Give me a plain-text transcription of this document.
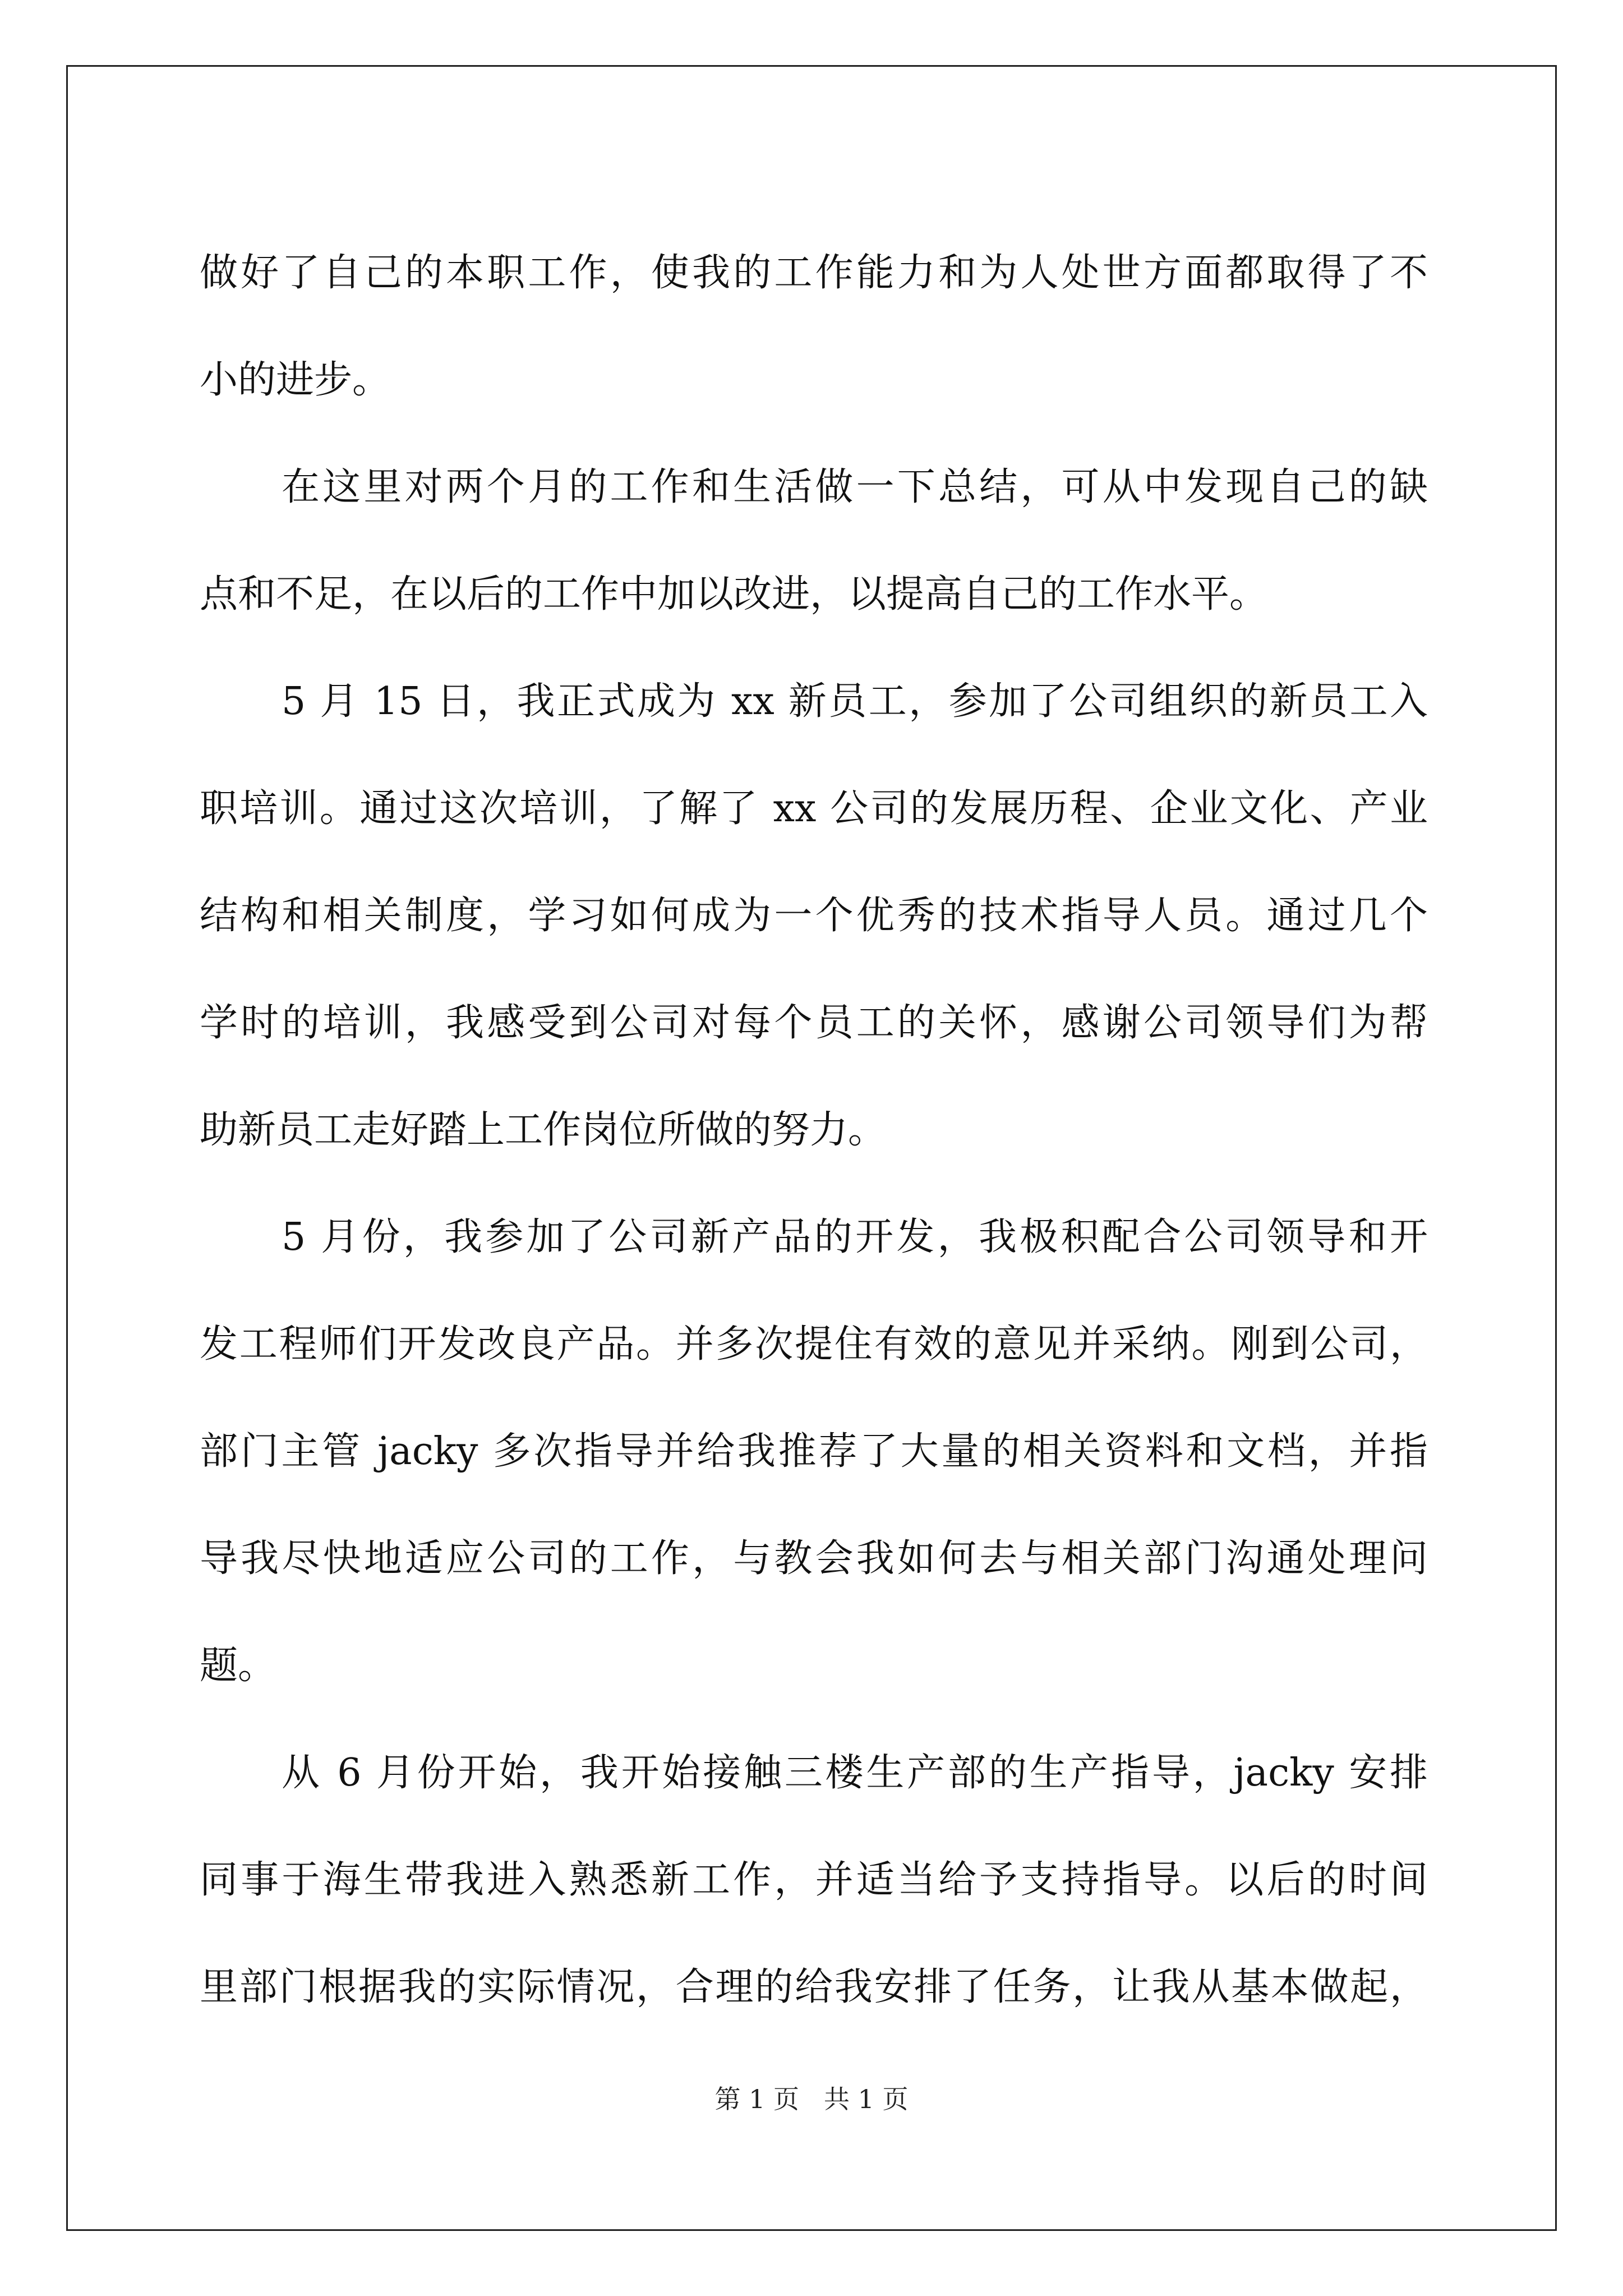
做好了自己的本职工作，使我的工作能力和为人处世方面都取得了不
小的进步。
在这里对两个月的工作和生活做一下总结，可从中发现自己的缺
点和不足，在以后的工作中加以改进，以提高自己的工作水平。
5 月 15 日，我正式成为 xx 新员工，参加了公司组织的新员工入
职培训。通过这次培训，了解了 xx 公司的发展历程、企业文化、产业
结构和相关制度，学习如何成为一个优秀的技术指导人员。通过几个
学时的培训，我感受到公司对每个员工的关怀，感谢公司领导们为帮
助新员工走好踏上工作岗位所做的努力。
5 月份，我参加了公司新产品的开发，我极积配合公司领导和开
发工程师们开发改良产品。并多次提住有效的意见并采纳。刚到公司，
部门主管 jacky 多次指导并给我推荐了大量的相关资料和文档，并指
导我尽快地适应公司的工作，与教会我如何去与相关部门沟通处理问
题。
从 6 月份开始，我开始接触三楼生产部的生产指导，jacky 安排
同事于海生带我进入熟悉新工作，并适当给予支持指导。以后的时间
里部门根据我的实际情况，合理的给我安排了任务，让我从基本做起，
第 1 页 共 1 页
